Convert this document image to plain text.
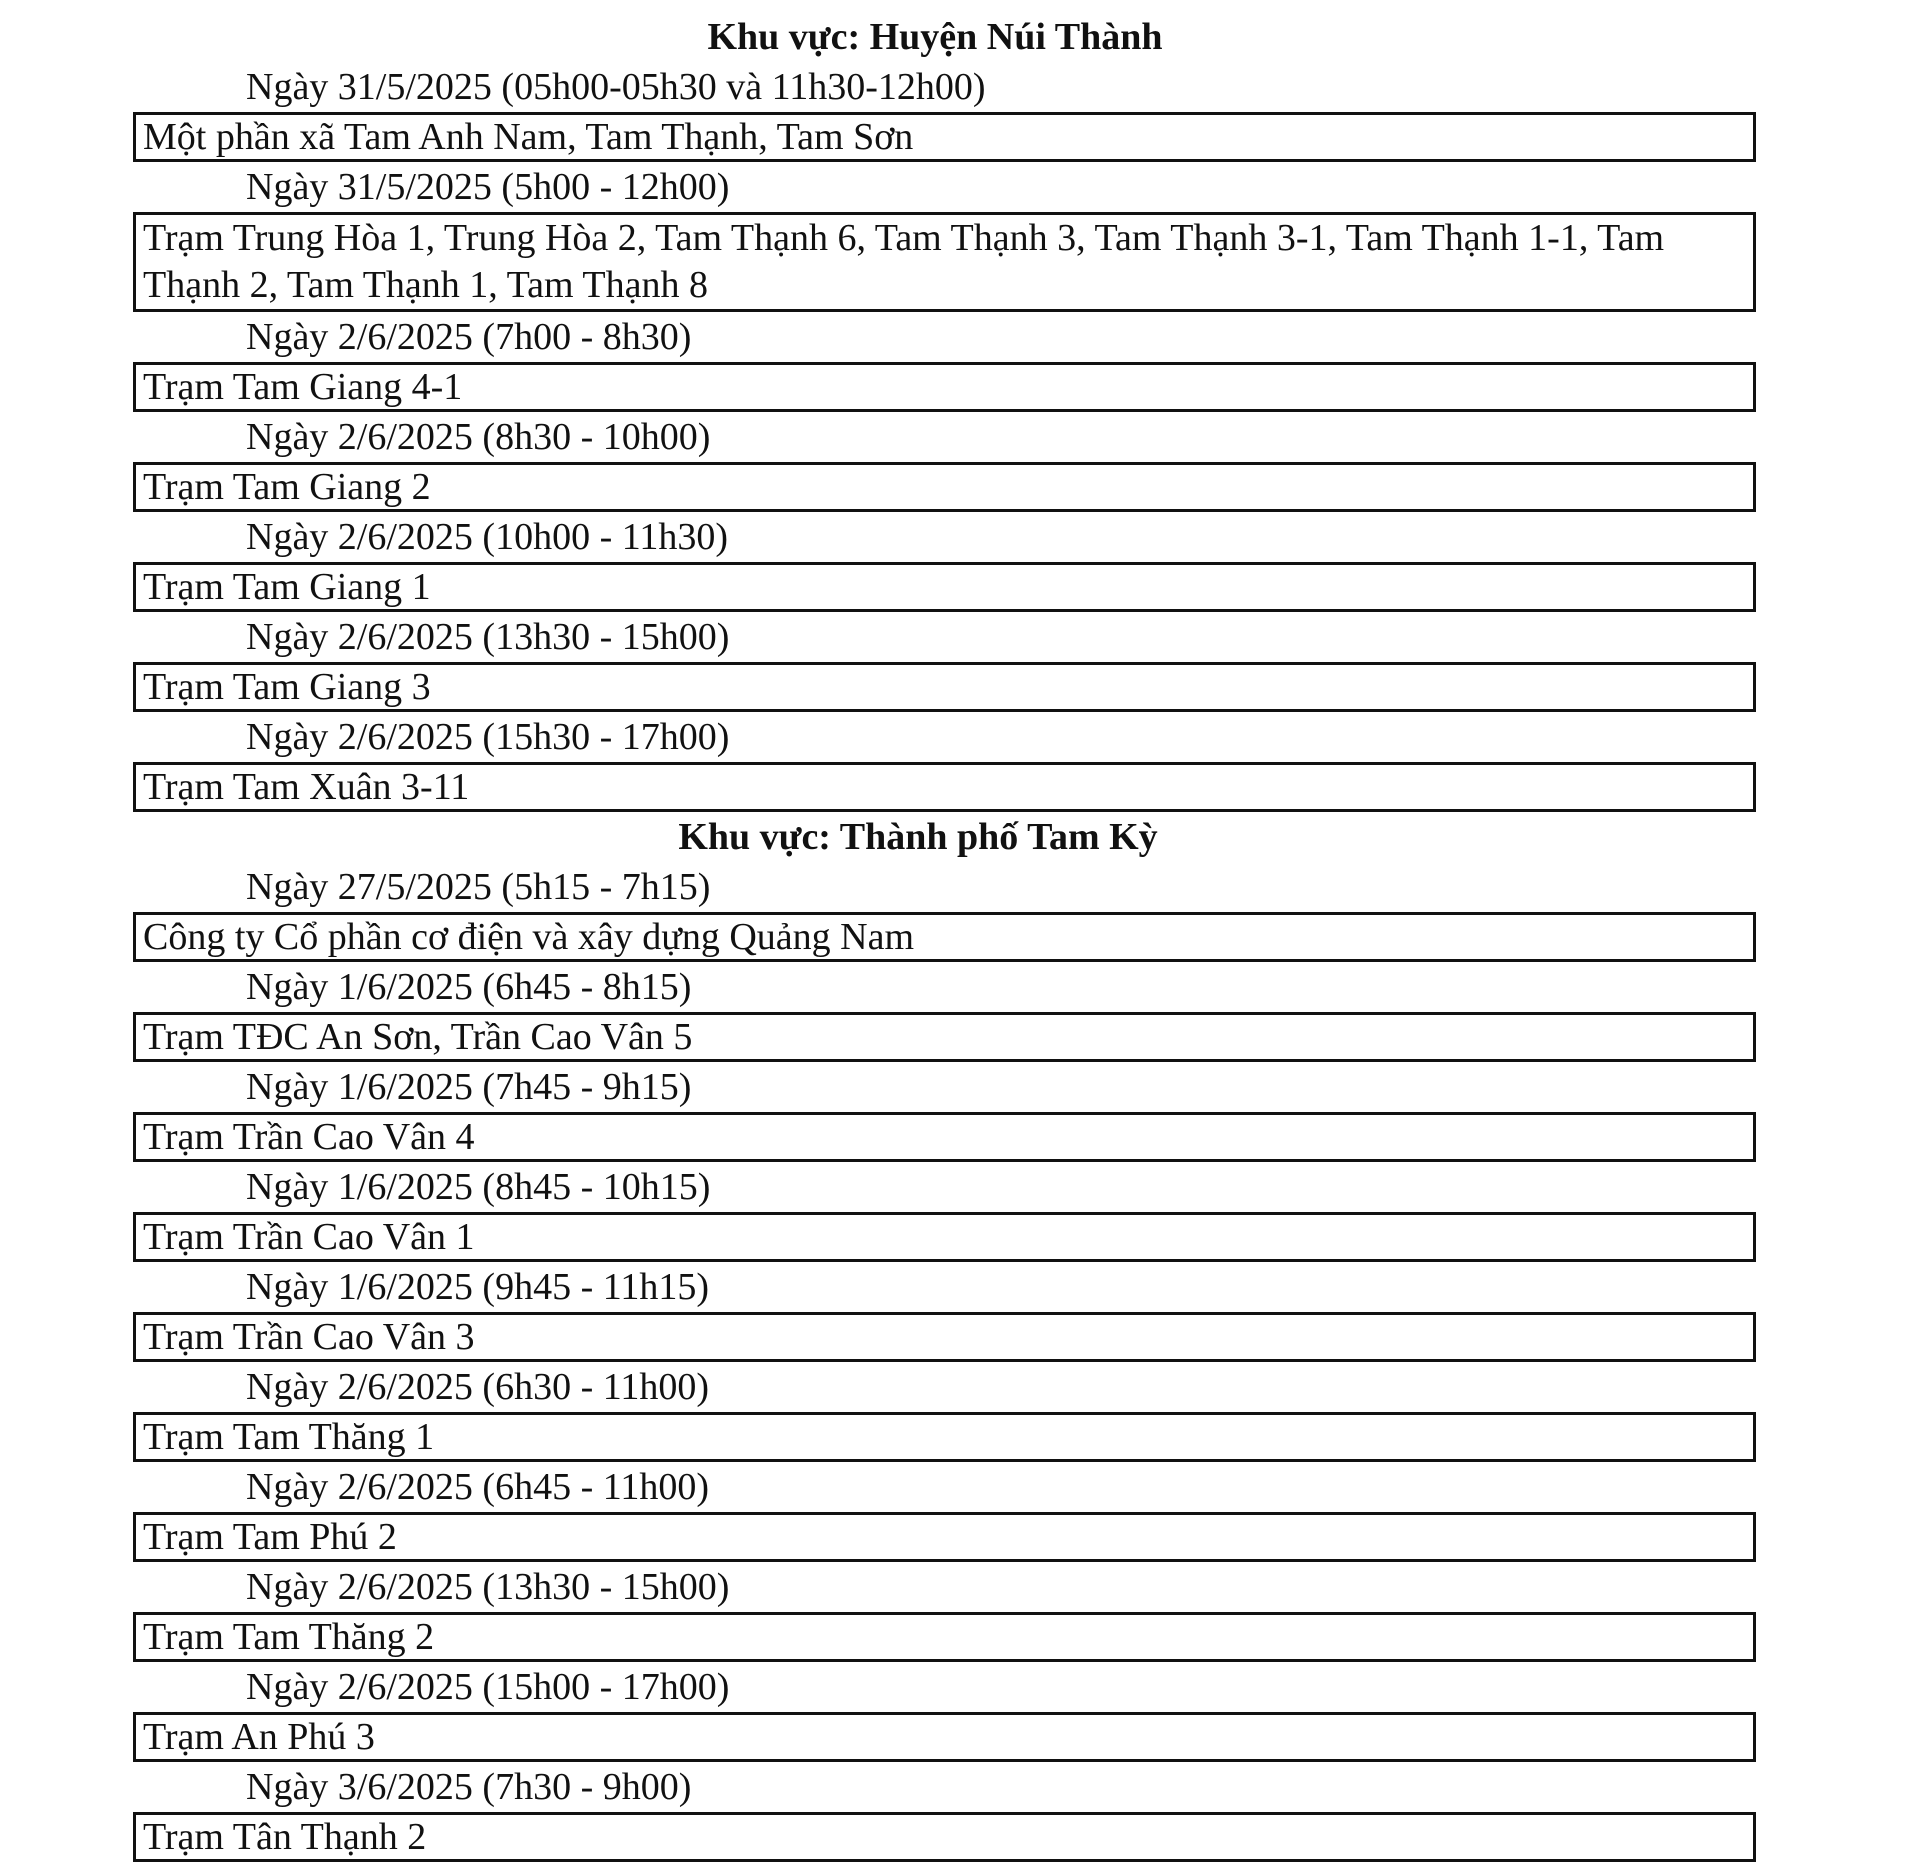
Khu vực: Huyện Núi Thành
Ngày 31/5/2025 (05h00-05h30 và 11h30-12h00)
Một phần xã Tam Anh Nam, Tam Thạnh, Tam Sơn
Ngày 31/5/2025 (5h00 - 12h00)
Trạm Trung Hòa 1, Trung Hòa 2, Tam Thạnh 6, Tam Thạnh 3, Tam Thạnh 3-1, Tam Thạnh 1-1, Tam Thạnh 2, Tam Thạnh 1, Tam Thạnh 8
Ngày 2/6/2025 (7h00 - 8h30)
Trạm Tam Giang 4-1
Ngày 2/6/2025 (8h30 - 10h00)
Trạm Tam Giang 2
Ngày 2/6/2025 (10h00 - 11h30)
Trạm Tam Giang 1
Ngày 2/6/2025 (13h30 - 15h00)
Trạm Tam Giang 3
Ngày 2/6/2025 (15h30 - 17h00)
Trạm Tam Xuân 3-11
Khu vực: Thành phố Tam Kỳ
Ngày 27/5/2025 (5h15 - 7h15)
Công ty Cổ phần cơ điện và xây dựng Quảng Nam
Ngày 1/6/2025 (6h45 - 8h15)
Trạm TĐC An Sơn, Trần Cao Vân 5
Ngày 1/6/2025 (7h45 - 9h15)
Trạm Trần Cao Vân 4
Ngày 1/6/2025 (8h45 - 10h15)
Trạm Trần Cao Vân 1
Ngày 1/6/2025 (9h45 - 11h15)
Trạm Trần Cao Vân 3
Ngày 2/6/2025 (6h30 - 11h00)
Trạm Tam Thăng 1
Ngày 2/6/2025 (6h45 - 11h00)
Trạm Tam Phú 2
Ngày 2/6/2025 (13h30 - 15h00)
Trạm Tam Thăng 2
Ngày 2/6/2025 (15h00 - 17h00)
Trạm An Phú 3
Ngày 3/6/2025 (7h30 - 9h00)
Trạm Tân Thạnh 2
